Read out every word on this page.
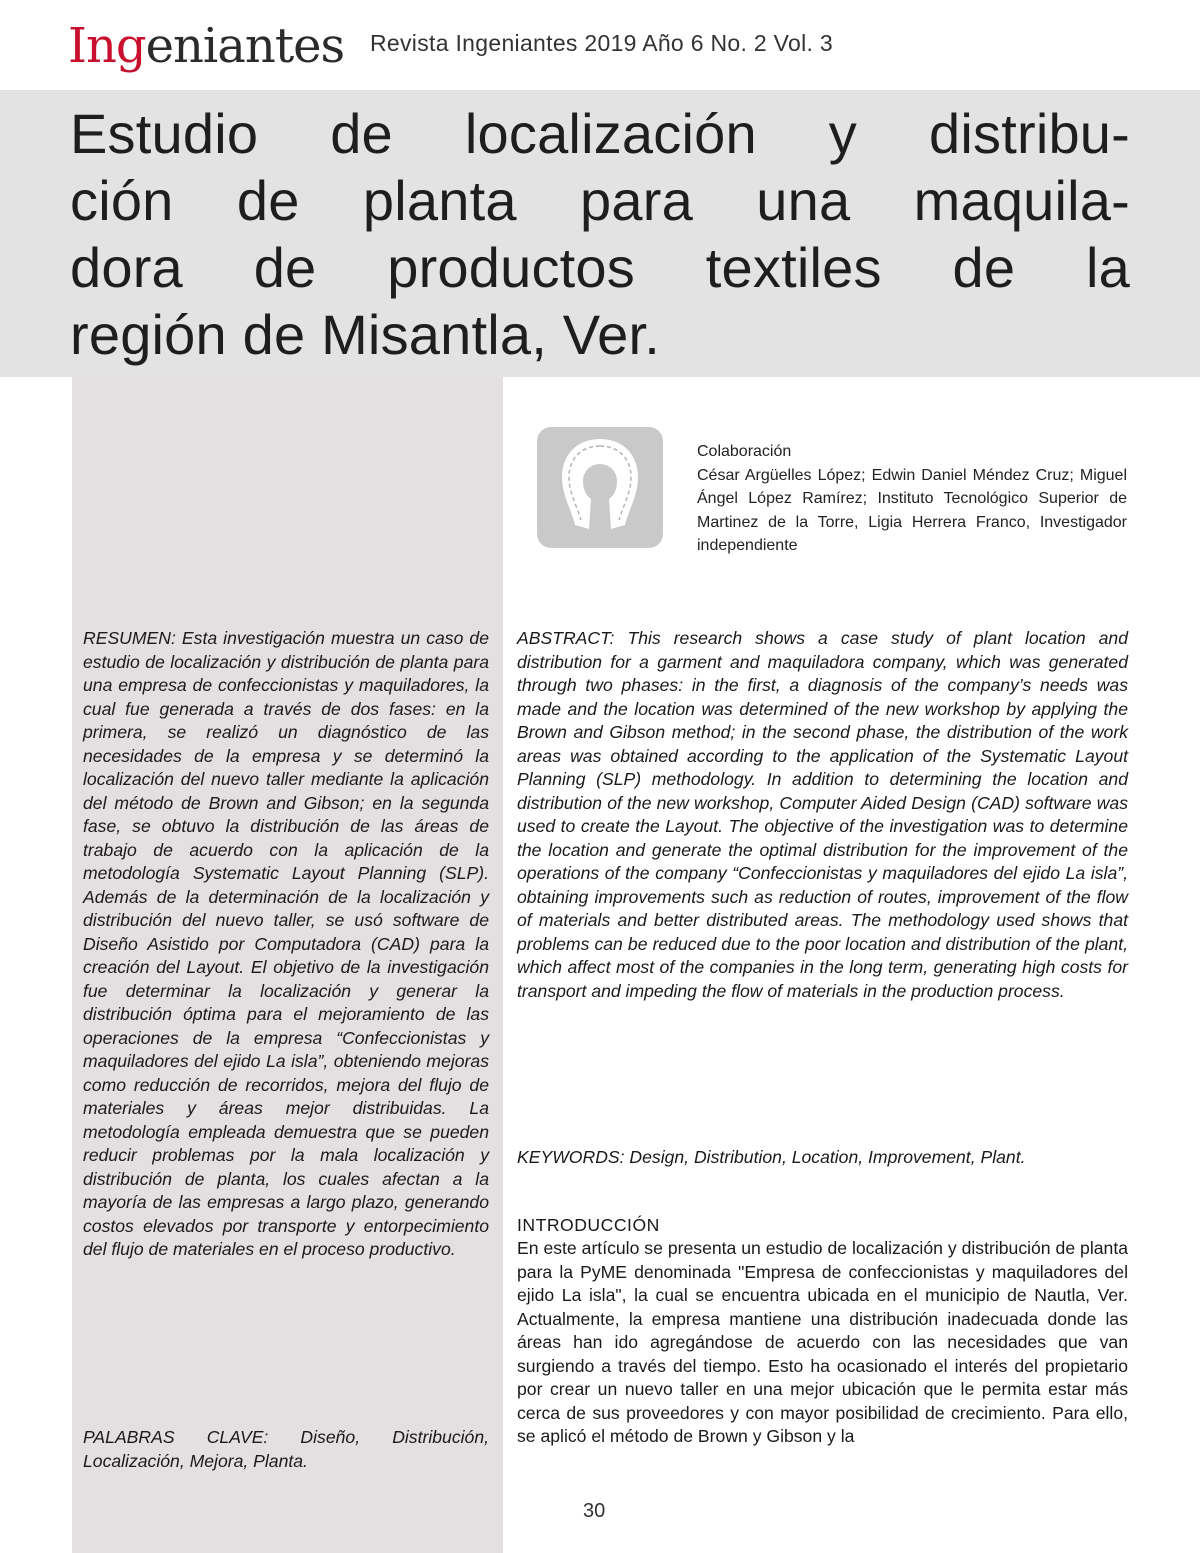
Ingeniantes Revista Ingeniantes 2019 Año 6 No. 2 Vol. 3
Estudio de localización y distribu-
ción de planta para una maquila-
dora de productos textiles de la
región de Misantla, Ver.
Colaboración
César Argüelles López; Edwin Daniel Méndez Cruz; Miguel Ángel López Ramírez; Instituto Tecnológico Superior de Martinez de la Torre, Ligia Herrera Franco, Investigador independiente

RESUMEN: Esta investigación muestra un caso de estudio de localización y distribución de planta para una empresa de confeccionistas y maquiladores, la cual fue generada a través de dos fases: en la primera, se realizó un diagnóstico de las necesidades de la empresa y se determinó la localización del nuevo taller mediante la aplicación del método de Brown and Gibson; en la segunda fase, se obtuvo la distribución de las áreas de trabajo de acuerdo con la aplicación de la metodología Systematic Layout Planning (SLP). Además de la determinación de la localización y distribución del nuevo taller, se usó software de Diseño Asistido por Computadora (CAD) para la creación del Layout. El objetivo de la investigación fue determinar la localización y generar la distribución óptima para el mejoramiento de las operaciones de la empresa “Confeccionistas y maquiladores del ejido La isla”, obteniendo mejoras como reducción de recorridos, mejora del flujo de materiales y áreas mejor distribuidas. La metodología empleada demuestra que se pueden reducir problemas por la mala localización y distribución de planta, los cuales afectan a la mayoría de las empresas a largo plazo, generando costos elevados por transporte y entorpecimiento del flujo de materiales en el proceso productivo.

PALABRAS CLAVE: Diseño, Distribución, Localización, Mejora, Planta.

ABSTRACT: This research shows a case study of plant location and distribution for a garment and maquiladora company, which was generated through two phases: in the first, a diagnosis of the company’s needs was made and the location was determined of the new workshop by applying the Brown and Gibson method; in the second phase, the distribution of the work areas was obtained according to the application of the Systematic Layout Planning (SLP) methodology. In addition to determining the location and distribution of the new workshop, Computer Aided Design (CAD) software was used to create the Layout. The objective of the investigation was to determine the location and generate the optimal distribution for the improvement of the operations of the company “Confeccionistas y maquiladores del ejido La isla”, obtaining improvements such as reduction of routes, improvement of the flow of materials and better distributed areas. The methodology used shows that problems can be reduced due to the poor location and distribution of the plant, which affect most of the companies in the long term, generating high costs for transport and impeding the flow of materials in the production process.

KEYWORDS: Design, Distribution, Location, Improvement, Plant.

INTRODUCCIÓN

En este artículo se presenta un estudio de localización y distribución de planta para la PyME denominada "Empresa de confeccionistas y maquiladores del ejido La isla", la cual se encuentra ubicada en el municipio de Nautla, Ver. Actualmente, la empresa mantiene una distribución inadecuada donde las áreas han ido agregándose de acuerdo con las necesidades que van surgiendo a través del tiempo. Esto ha ocasionado el interés del propietario por crear un nuevo taller en una mejor ubicación que le permita estar más cerca de sus proveedores y con mayor posibilidad de crecimiento. Para ello, se aplicó el método de Brown y Gibson y la

30
